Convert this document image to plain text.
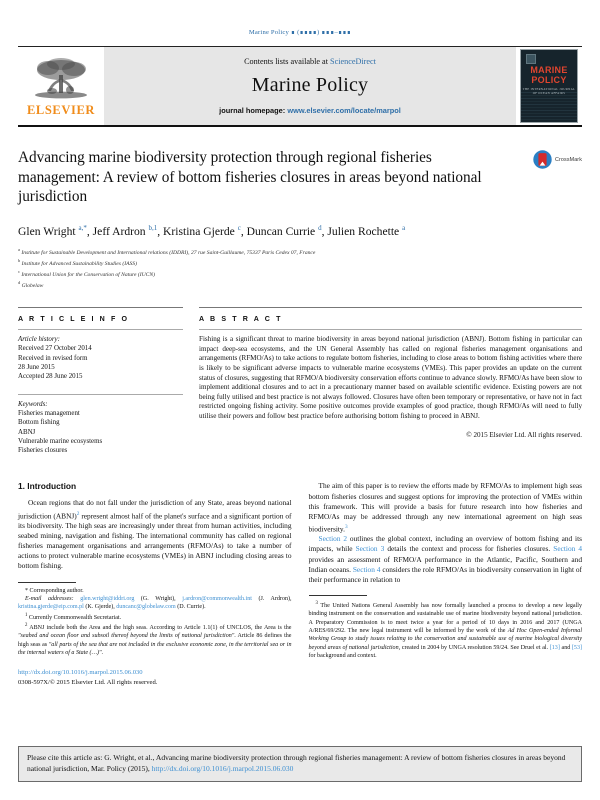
Marine Policy ∎ (∎∎∎∎) ∎∎∎–∎∎∎
ELSEVIER
Contents lists available at ScienceDirect
Marine Policy
journal homepage: www.elsevier.com/locate/marpol
MARINE
POLICY
THE INTERNATIONAL JOURNAL OF OCEAN AFFAIRS
Advancing marine biodiversity protection through regional fisheries management: A review of bottom fisheries closures in areas beyond national jurisdiction
CrossMark
Glen Wright $^{a,*}$, Jeff Ardron $^{b,1}$, Kristina Gjerde $^c$, Duncan Currie $^d$, Julien Rochette $^a$
$^a$ Institute for Sustainable Development and International relations (IDDRI), 27 rue Saint-Guillaume, 75337 Paris Cedex 07, France
$^b$ Institute for Advanced Sustainability Studies (IASS)
$^c$ International Union for the Conservation of Nature (IUCN)
$^d$ Globelaw
A R T I C L E I N F O
Article history:
Received 27 October 2014
Received in revised form
28 June 2015
Accepted 28 June 2015
Keywords:
Fisheries management
Bottom fishing
ABNJ
Vulnerable marine ecosystems
Fisheries closures
A B S T R A C T
Fishing is a significant threat to marine biodiversity in areas beyond national jurisdiction (ABNJ). Bottom fishing in particular can impact deep-sea ecosystems, and the UN General Assembly has called on regional fisheries management organisations and arrangements (RFMO/As) to take actions to regulate bottom fisheries, including to close areas to bottom fishing activities where there is likely to be significant adverse impacts to vulnerable marine ecosystems (VMEs). This paper provides an update on the current status of closures, suggesting that RFMO/A biodiversity conservation efforts continue to advance slowly. RFMO/As have been slow to implement additional closures and to act in a precautionary manner based on available scientific evidence. Existing powers are not being fully utilised and best practice is not always followed. Closures have often been temporary or representative, or have not in fact restricted ongoing fishing activity. Some positive outcomes provide examples of good practice, though RFMO/As will need to fully utilise their powers and follow best practice before authorising bottom fishing to proceed in ABNJ.
© 2015 Elsevier Ltd. All rights reserved.
1. Introduction

Ocean regions that do not fall under the jurisdiction of any State, areas beyond national jurisdiction (ABNJ)$^2$ represent almost half of the planet's surface and a significant portion of its biodiversity. The high seas are increasingly under threat from human activities, including seabed mining, navigation and fishing. The international community has called on regional fisheries management organisations and arrangements (RFMO/As) to take a number of actions to protect vulnerable marine ecosystems (VMEs) in ABNJ including closing areas to bottom fishing.

* Corresponding author.

E-mail addresses: glen.wright@iddri.org (G. Wright), j.ardron@commonwealth.int (J. Ardron), kristina.gjerde@eip.com.pl (K. Gjerde), duncanc@globelaw.com (D. Currie).

$^1$ Currently Commonwealth Secretariat.

$^2$ ABNJ include both the Area and the high seas. According to Article 1.1(1) of UNCLOS, the Area is the "seabed and ocean floor and subsoil thereof beyond the limits of national jurisdiction". Article 86 defines the high seas as "all parts of the sea that are not included in the exclusive economic zone, in the territorial sea or in the internal waters of a State (…)".

http://dx.doi.org/10.1016/j.marpol.2015.06.030
0308-597X/© 2015 Elsevier Ltd. All rights reserved.

The aim of this paper is to review the efforts made by RFMO/As to implement high seas bottom fisheries closures and suggest options for improving the protection of VMEs within this framework. This will provide a basis for future research into how fisheries and RFMO/As may be addressed through any new international agreement on high seas biodiversity.$^3$

Section 2 outlines the global context, including an overview of bottom fishing and its impacts, while Section 3 details the context and process for fisheries closures. Section 4 provides an assessment of RFMO/A performance in the Atlantic, Pacific, Southern and Indian oceans. Section 4 considers the role RFMO/As in biodiversity conservation in light of their performance in relation to

$^3$ The United Nations General Assembly has now formally launched a process to develop a new legally binding instrument on the conservation and sustainable use of marine biodiversity beyond national jurisdiction. A Preparatory Commission is to meet twice a year for a period of 10 days in 2016 and 2017 (UNGA A/RES/69/292. The new legal instrument will be informed by the work of the Ad Hoc Open-ended Informal Working Group to study issues relating to the conservation and sustainable use of marine biological diversity beyond areas of national jurisdiction, created in 2004 by UNGA resolution 59/24. See Druel et al. [13] and [53] for background and context.

Please cite this article as: G. Wright, et al., Advancing marine biodiversity protection through regional fisheries management: A review of bottom fisheries closures in areas beyond national jurisdiction, Mar. Policy (2015), http://dx.doi.org/10.1016/j.marpol.2015.06.030
